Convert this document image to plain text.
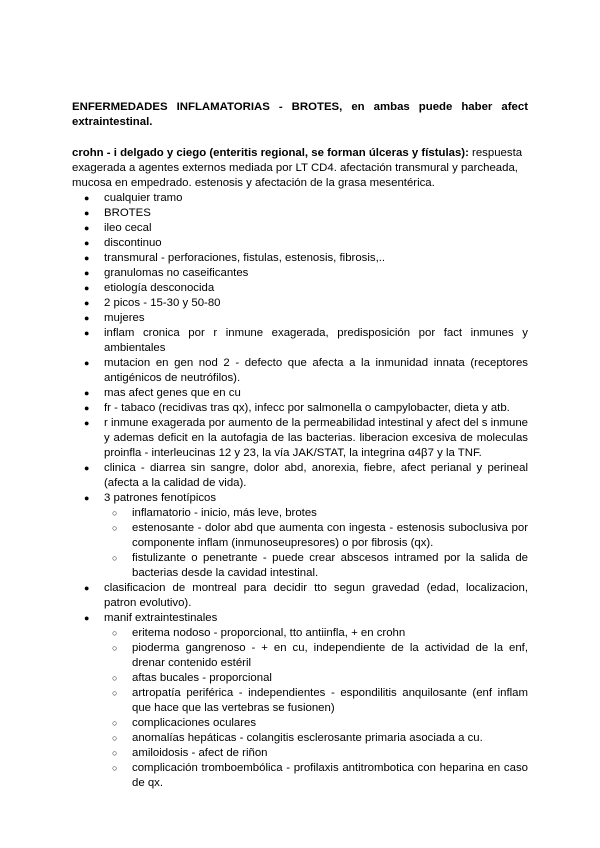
ENFERMEDADES INFLAMATORIAS - BROTES, en ambas puede haber afect extraintestinal.

crohn - i delgado y ciego (enteritis regional, se forman úlceras y fístulas): respuesta exagerada a agentes externos mediada por LT CD4. afectación transmural y parcheada, mucosa en empedrado. estenosis y afectación de la grasa mesentérica.

● cualquier tramo
● BROTES
● ileo cecal
● discontinuo
● transmural - perforaciones, fistulas, estenosis, fibrosis,..
● granulomas no caseificantes
● etiología desconocida
● 2 picos - 15-30 y 50-80
● mujeres
● inflam cronica por r inmune exagerada, predisposición por fact inmunes y ambientales
● mutacion en gen nod 2 - defecto que afecta a la inmunidad innata (receptores antigénicos de neutrófilos).
● mas afect genes que en cu
● fr - tabaco (recidivas tras qx), infecc por salmonella o campylobacter, dieta y atb.
● r inmune exagerada por aumento de la permeabilidad intestinal y afect del s inmune y ademas deficit en la autofagia de las bacterias. liberacion excesiva de moleculas proinfla - interleucinas 12 y 23, la vía JAK/STAT, la integrina α4β7 y la TNF.
● clinica - diarrea sin sangre, dolor abd, anorexia, fiebre, afect perianal y perineal (afecta a la calidad de vida).
● 3 patrones fenotípicos
○ inflamatorio - inicio, más leve, brotes
○ estenosante - dolor abd que aumenta con ingesta - estenosis suboclusiva por componente inflam (inmunoseupresores) o por fibrosis (qx).
○ fistulizante o penetrante - puede crear abscesos intramed por la salida de bacterias desde la cavidad intestinal.
● clasificacion de montreal para decidir tto segun gravedad (edad, localizacion, patron evolutivo).
● manif extraintestinales
○ eritema nodoso - proporcional, tto antiinfla, + en crohn
○ pioderma gangrenoso - + en cu, independiente de la actividad de la enf, drenar contenido estéril
○ aftas bucales - proporcional
○ artropatía periférica - independientes - espondilitis anquilosante (enf inflam que hace que las vertebras se fusionen)
○ complicaciones oculares
○ anomalías hepáticas - colangitis esclerosante primaria asociada a cu.
○ amiloidosis - afect de riñon
○ complicación tromboembólica - profilaxis antitrombotica con heparina en caso de qx.
